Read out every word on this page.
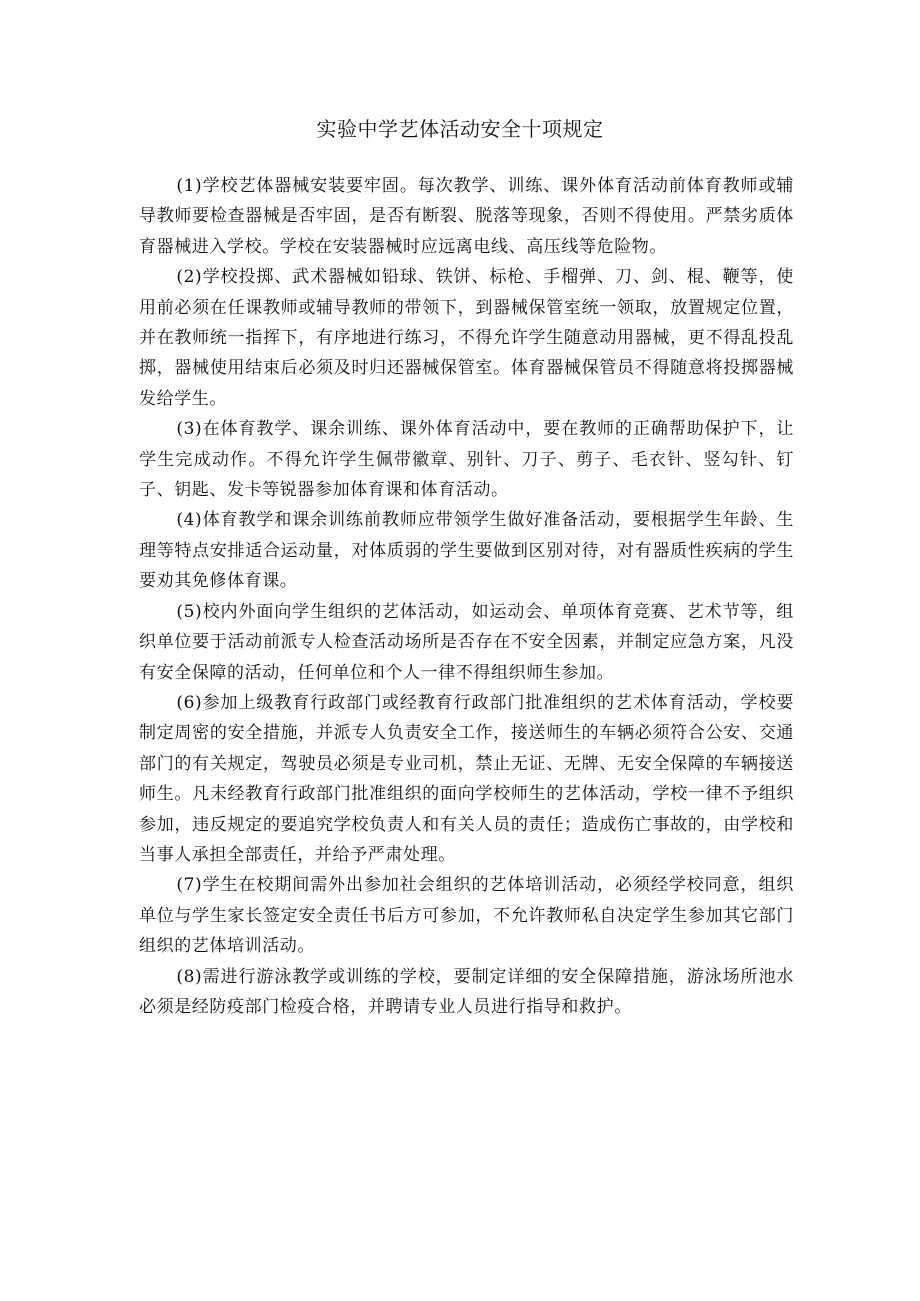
实验中学艺体活动安全十项规定

(1)学校艺体器械安装要牢固。每次教学、训练、课外体育活动前体育教师或辅导教师要检查器械是否牢固，是否有断裂、脱落等现象，否则不得使用。严禁劣质体育器械进入学校。学校在安装器械时应远离电线、高压线等危险物。

(2)学校投掷、武术器械如铅球、铁饼、标枪、手榴弹、刀、剑、棍、鞭等，使用前必须在任课教师或辅导教师的带领下，到器械保管室统一领取，放置规定位置，并在教师统一指挥下，有序地进行练习，不得允许学生随意动用器械，更不得乱投乱掷，器械使用结束后必须及时归还器械保管室。体育器械保管员不得随意将投掷器械发给学生。

(3)在体育教学、课余训练、课外体育活动中，要在教师的正确帮助保护下，让学生完成动作。不得允许学生佩带徽章、别针、刀子、剪子、毛衣针、竖勾针、钉子、钥匙、发卡等锐器参加体育课和体育活动。

(4)体育教学和课余训练前教师应带领学生做好准备活动，要根据学生年龄、生理等特点安排适合运动量，对体质弱的学生要做到区别对待，对有器质性疾病的学生要劝其免修体育课。

(5)校内外面向学生组织的艺体活动，如运动会、单项体育竞赛、艺术节等，组织单位要于活动前派专人检查活动场所是否存在不安全因素，并制定应急方案，凡没有安全保障的活动，任何单位和个人一律不得组织师生参加。

(6)参加上级教育行政部门或经教育行政部门批准组织的艺术体育活动，学校要制定周密的安全措施，并派专人负责安全工作，接送师生的车辆必须符合公安、交通部门的有关规定，驾驶员必须是专业司机，禁止无证、无牌、无安全保障的车辆接送师生。凡未经教育行政部门批准组织的面向学校师生的艺体活动，学校一律不予组织参加，违反规定的要追究学校负责人和有关人员的责任；造成伤亡事故的，由学校和当事人承担全部责任，并给予严肃处理。

(7)学生在校期间需外出参加社会组织的艺体培训活动，必须经学校同意，组织单位与学生家长签定安全责任书后方可参加，不允许教师私自决定学生参加其它部门组织的艺体培训活动。

(8)需进行游泳教学或训练的学校，要制定详细的安全保障措施，游泳场所池水必须是经防疫部门检疫合格，并聘请专业人员进行指导和救护。
